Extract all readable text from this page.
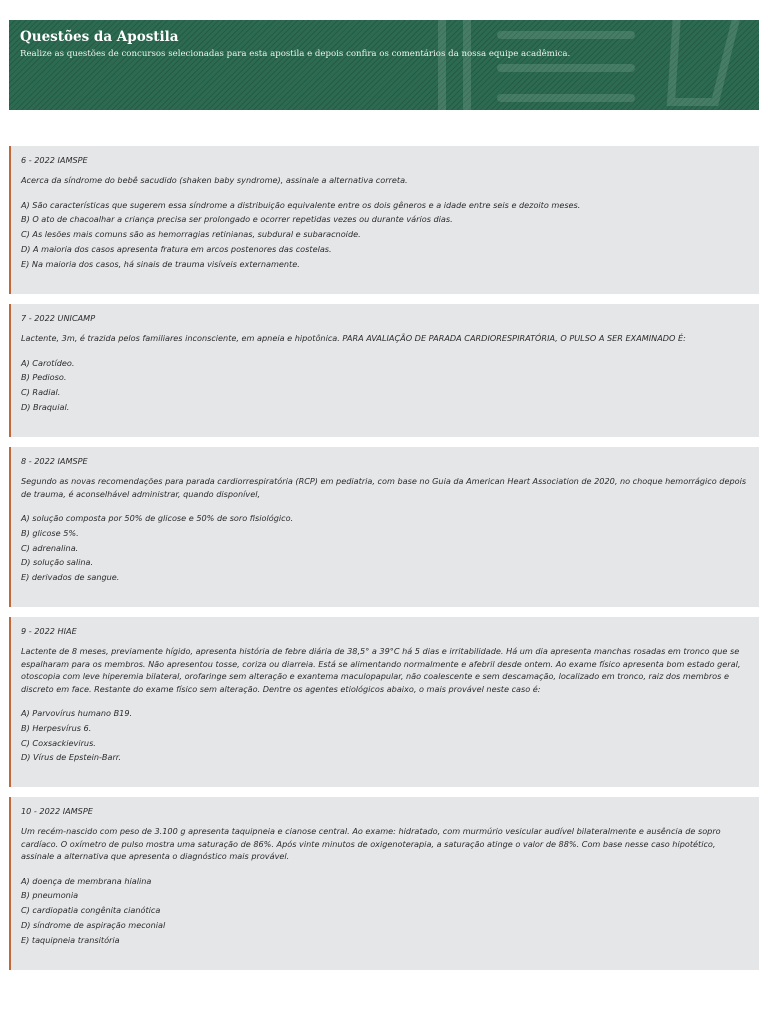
Questões da Apostila

Realize as questões de concursos selecionadas para esta apostila e depois confira os comentários da nossa equipe acadêmica.

6 - 2022 IAMSPE

Acerca da síndrome do bebê sacudido (shaken baby syndrome), assinale a alternativa correta.

A) São características que sugerem essa síndrome a distribuição equivalente entre os dois gêneros e a idade entre seis e dezoito meses.

B) O ato de chacoalhar a criança precisa ser prolongado e ocorrer repetidas vezes ou durante vários dias.

C) As lesões mais comuns são as hemorragias retinianas, subdural e subaracnoide.

D) A maioria dos casos apresenta fratura em arcos postenores das costelas.

E) Na maioria dos casos, há sinais de trauma visíveis externamente.

7 - 2022 UNICAMP

Lactente, 3m, é trazida pelos familiares inconsciente, em apneia e hipotônica. PARA AVALIAÇÃO DE PARADA CARDIORESPIRATÓRIA, O PULSO A SER EXAMINADO É:

A) Carotídeo.

B) Pedioso.

C) Radial.

D) Braquial.

8 - 2022 IAMSPE

Segundo as novas recomendações para parada cardiorrespiratória (RCP) em pediatria, com base no Guia da American Heart Association de 2020, no choque hemorrágico depois de trauma, é aconselhável administrar, quando disponível,

A) solução composta por 50% de glicose e 50% de soro fisiológico.

B) glicose 5%.

C) adrenalina.

D) solução salina.

E) derivados de sangue.

9 - 2022 HIAE

Lactente de 8 meses, previamente hígido, apresenta história de febre diária de 38,5° a 39°C há 5 dias e irritabilidade. Há um dia apresenta manchas rosadas em tronco que se espalharam para os membros. Não apresentou tosse, coriza ou diarreia. Está se alimentando normalmente e afebril desde ontem. Ao exame físico apresenta bom estado geral, otoscopia com leve hiperemia bilateral, orofaringe sem alteração e exantema maculopapular, não coalescente e sem descamação, localizado em tronco, raiz dos membros e discreto em face. Restante do exame físico sem alteração. Dentre os agentes etiológicos abaixo, o mais provável neste caso é:

A) Parvovírus humano B19.

B) Herpesvírus 6.

C) Coxsackievirus.

D) Vírus de Epstein-Barr.

10 - 2022 IAMSPE

Um recém-nascido com peso de 3.100 g apresenta taquipneia e cianose central. Ao exame: hidratado, com murmúrio vesicular audível bilateralmente e ausência de sopro cardíaco. O oxímetro de pulso mostra uma saturação de 86%. Após vinte minutos de oxigenoterapia, a saturação atinge o valor de 88%. Com base nesse caso hipotético, assinale a alternativa que apresenta o diagnóstico mais provável.

A) doença de membrana hialina

B) pneumonia

C) cardiopatia congênita cianótica

D) síndrome de aspiração meconial

E) taquipneia transitória
